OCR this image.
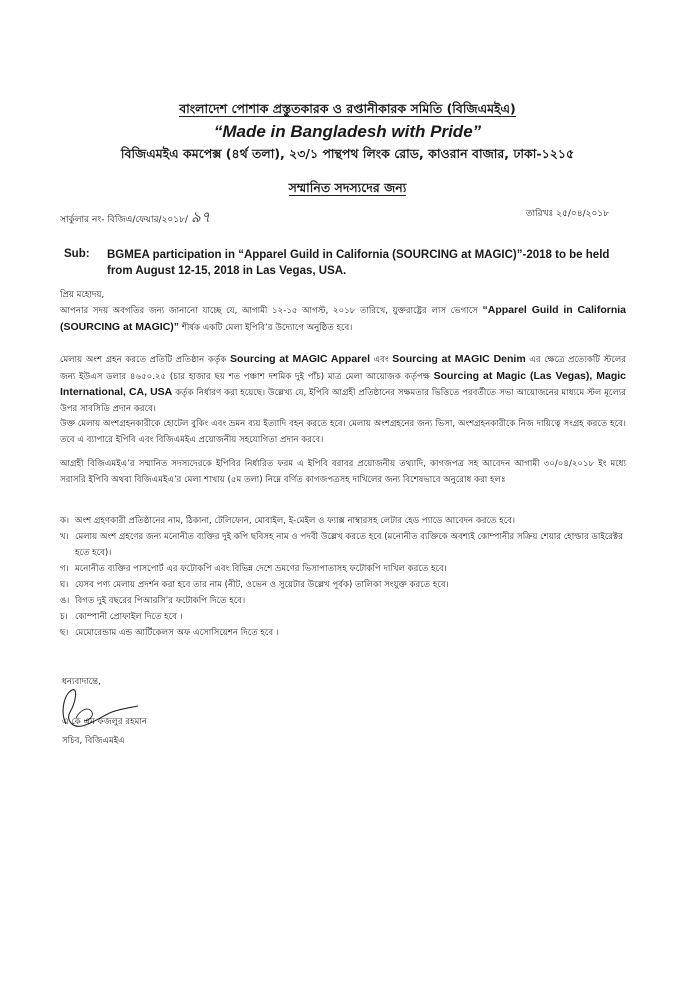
বাংলাদেশ পোশাক প্রস্তুতকারক ও রপ্তানীকারক সমিতি (বিজিএমইএ)
“Made in Bangladesh with Pride”
বিজিএমইএ কমপেক্স (৪র্থ তলা), ২৩/১ পান্থপথ লিংক রোড, কাওরান বাজার, ঢাকা-১২১৫
সম্মানিত সদস্যদের জন্য
সার্কুলার নং- বিজিএ/ফেয়ার/২০১৮/ ৯৭	তারিখঃ ২৫/০৪/২০১৮
Sub: BGMEA participation in “Apparel Guild in California (SOURCING at MAGIC)”-2018 to be held from August 12-15, 2018 in Las Vegas, USA.
প্রিয় মহোদয়,
আপনার সদয় অবগতির জন্য জানানো যাচ্ছে যে, আগামী ১২-১৫ আগস্ট, ২০১৮ তারিখে, যুক্তরাষ্ট্রের লাস ভেগাসে “Apparel Guild in California (SOURCING at MAGIC)” শীর্ষক একটি মেলা ইপিবি’র উদ্যোগে অনুষ্ঠিত হবে।
মেলায় অংশ গ্রহন করতে প্রতিটি প্রতিষ্ঠান কর্তৃক Sourcing at MAGIC Apparel এবং Sourcing at MAGIC Denim এর ক্ষেত্রে প্রত্যেকটি স্টলের জন্য ইউএস ডলার ৪৬৫০.২৫ (চার হাজার ছয় শত পঞ্চাশ দশমিক দুই পাঁচ) মাত্র মেলা আয়োজক কর্তৃপক্ষ Sourcing at Magic (Las Vegas), Magic International, CA, USA কর্তৃক নির্ধারণ করা হয়েছে। উল্লেখ্য যে, ইপিবি আগ্রহী প্রতিষ্ঠানের সক্ষমতার ভিত্তিতে পরবর্তীতে সভা আয়োজনের মাধ্যমে স্টল মূল্যের উপর সাবসিডি প্রদান করবে।
উক্ত মেলায় অংশগ্রহনকারীকে হোটেল বুকিং এবং ভ্রমন ব্যয় ইত্যাদি বহন করতে হবে। মেলায় অংশগ্রহনের জন্য ভিসা, অংশগ্রহনকারীকে নিজ দায়িত্বে সংগ্রহ করতে হবে। তবে এ ব্যাপারে ইপিবি এবং বিজিএমইএ প্রয়োজনীয় সহযোগিতা প্রদান করবে।
আগ্রহী বিজিএমইএ’র সম্মানিত সদস্যদেরকে ইপিবির নির্ধারিত ফরম এ ইপিবি বরাবর প্রয়োজনীয় তথ্যাদি, কাগজপত্র সহ আবেদন আগামী ৩০/০৪/২০১৮ ইং মধ্যে সরাসরি ইপিবি অথবা বিজিএমইএ’র মেলা শাখায় (৫ম তলা) নিম্নে বর্ণিত কাগজপত্রসহ দাখিলের জন্য বিশেষভাবে অনুরোধ করা হলঃ
ক। অংশ গ্রহণকারী প্রতিষ্ঠানের নাম, ঠিকানা, টেলিফোন, মোবাইল, ই-মেইল ও ফ্যাক্স নাম্বারসহ লেটার হেড প্যাডে আবেদন করতে হবে।
খ। মেলায় অংশ গ্রহণের জন্য মনোনীত ব্যক্তির দুই কপি ছবিসহ নাম ও পদবী উল্লেখ করতে হবে (মনোনীত ব্যক্তিকে অবশ্যই কোম্পানীর সক্রিয় শেয়ার হোল্ডার ডাইরেক্টর হতে হবে)।
গ। মনোনীত ব্যক্তির পাসপোর্ট এর ফটোকপি এবং বিভিন্ন দেশে ভ্রমণের ভিসাপাতাসহ ফটোকপি দাখিল করতে হবে।
ঘ। যেসব পণ্য মেলায় প্রদর্শন করা হবে তার নাম (নীট, ওভেন ও সুয়েটার উল্লেখ পূর্বক) তালিকা সংযুক্ত করতে হবে।
ঙ। বিগত দুই বছরের পিআরসি’র ফটোকপি দিতে হবে।
চ। কোম্পানী প্রোফাইল দিতে হবে ।
ছ। মেমোরেন্ডাম এন্ড আর্টিকেলস অফ এসোসিয়েশন দিতে হবে ।
ধন্যবাদান্তে,
এ কে এম ফজলুর রহমান
সচিব, বিজিএমইএ
